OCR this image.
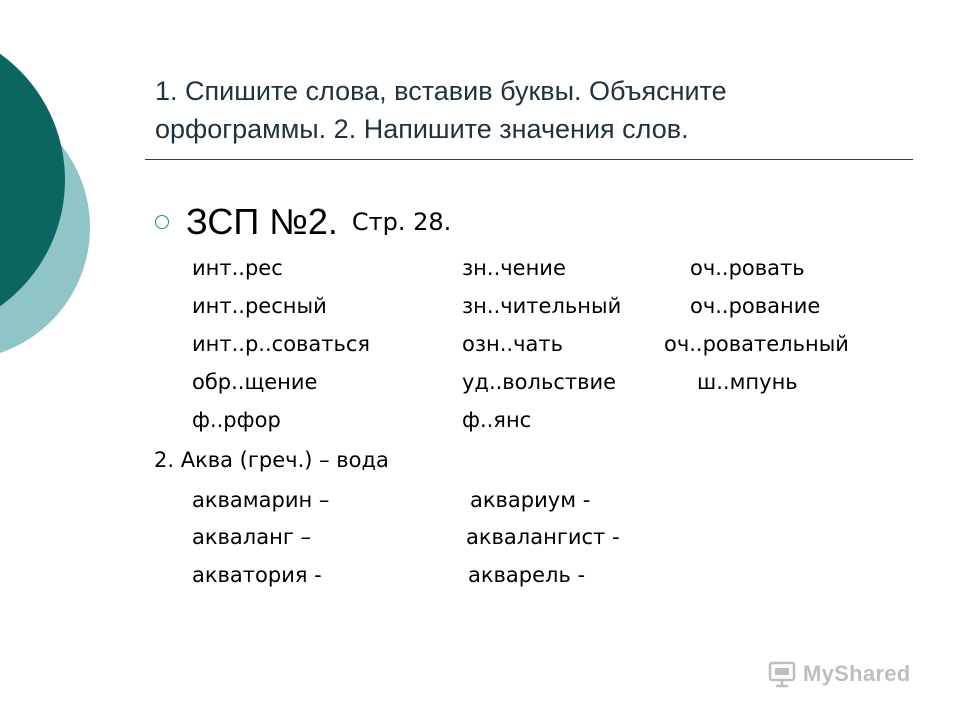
1. Спишите слова, вставив буквы. Объясните
орфограммы. 2. Напишите значения слов.
ЗСП №2. Стр. 28.
инт..рес
инт..ресный
инт..р..соваться
обр..щение
ф..рфор
зн..чение
зн..чительный
озн..чать
уд..вольствие
ф..янс
оч..ровать
оч..рование
оч..ровательный
ш..мпунь
2. Аква (греч.) – вода
аквамарин –
акваланг –
акватория -
аквариум -
аквалангист -
акварель -
MyShared
